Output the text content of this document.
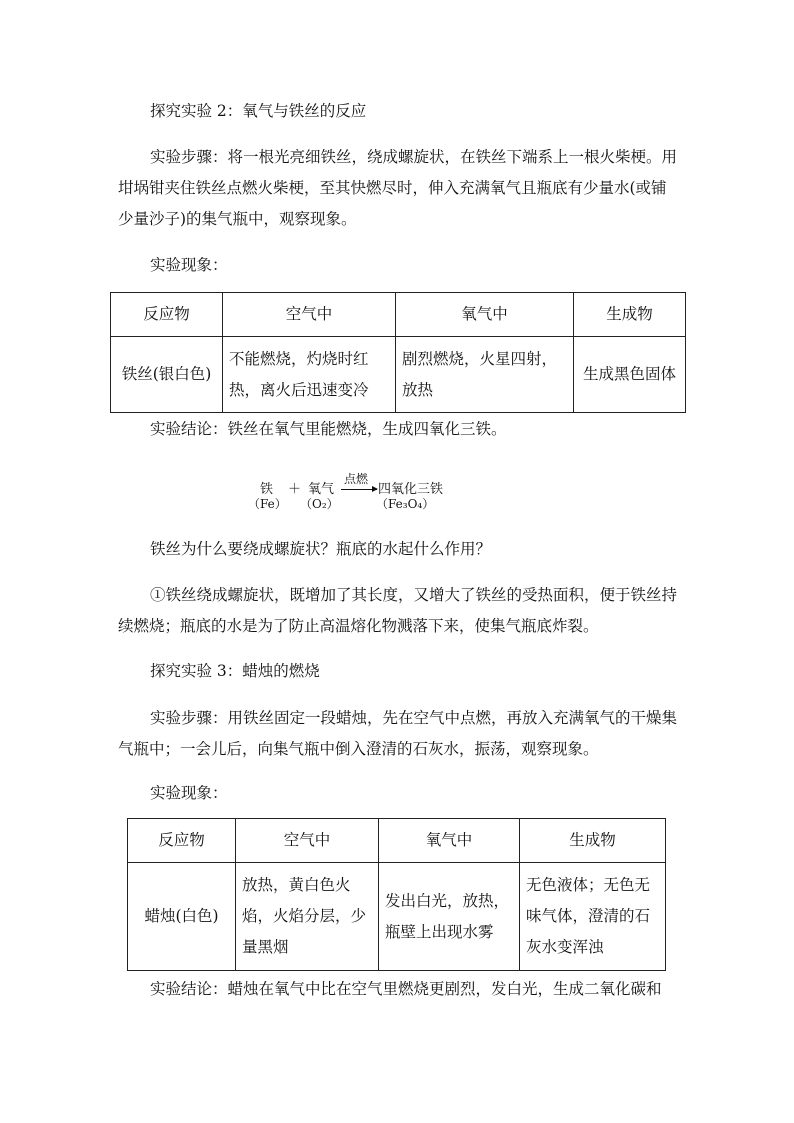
探究实验 2：氧气与铁丝的反应

实验步骤：将一根光亮细铁丝，绕成螺旋状，在铁丝下端系上一根火柴梗。用坩埚钳夹住铁丝点燃火柴梗，至其快燃尽时，伸入充满氧气且瓶底有少量水(或铺少量沙子)的集气瓶中，观察现象。

实验现象：

反应物	空气中	氧气中	生成物
铁丝(银白色)	不能燃烧，灼烧时红热，离火后迅速变冷	剧烈燃烧，火星四射，放热	生成黑色固体

实验结论：铁丝在氧气里能燃烧，生成四氧化三铁。

铁
（Fe）
＋ 氧气
（O₂）
点燃
→ 四氧化三铁
（Fe₃O₄）

铁丝为什么要绕成螺旋状？瓶底的水起什么作用？

①铁丝绕成螺旋状，既增加了其长度，又增大了铁丝的受热面积，便于铁丝持续燃烧；瓶底的水是为了防止高温熔化物溅落下来，使集气瓶底炸裂。

探究实验 3：蜡烛的燃烧

实验步骤：用铁丝固定一段蜡烛，先在空气中点燃，再放入充满氧气的干燥集气瓶中；一会儿后，向集气瓶中倒入澄清的石灰水，振荡，观察现象。

实验现象：

反应物	空气中	氧气中	生成物
蜡烛(白色)	放热，黄白色火焰，火焰分层，少量黑烟	发出白光，放热，瓶壁上出现水雾	无色液体；无色无味气体，澄清的石灰水变浑浊

实验结论：蜡烛在氧气中比在空气里燃烧更剧烈，发白光，生成二氧化碳和
